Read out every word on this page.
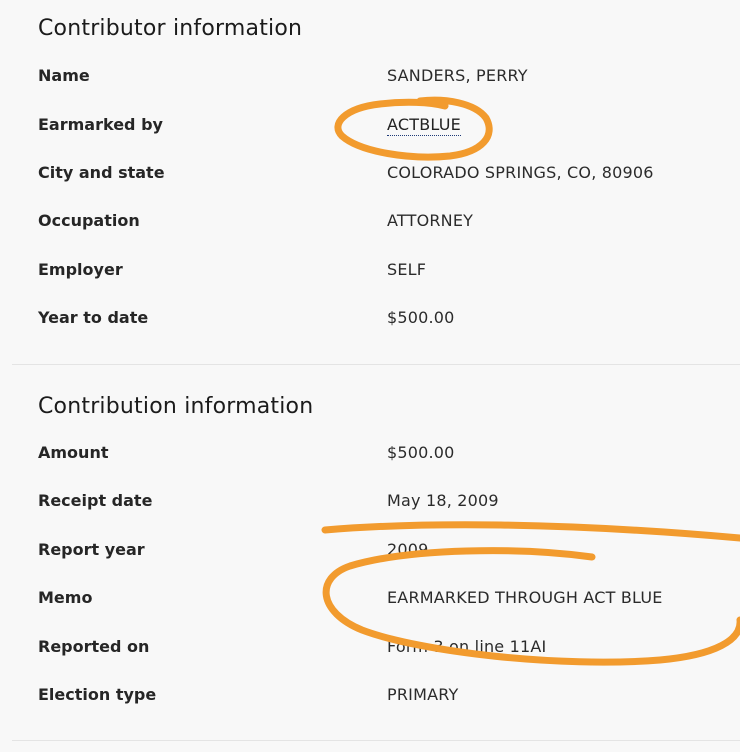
Contributor information
Name	SANDERS, PERRY
Earmarked by	ACTBLUE
City and state	COLORADO SPRINGS, CO, 80906
Occupation	ATTORNEY
Employer	SELF
Year to date	$500.00
Contribution information
Amount	$500.00
Receipt date	May 18, 2009
Report year	2009
Memo	EARMARKED THROUGH ACT BLUE
Reported on	Form 3 on line 11AI
Election type	PRIMARY
